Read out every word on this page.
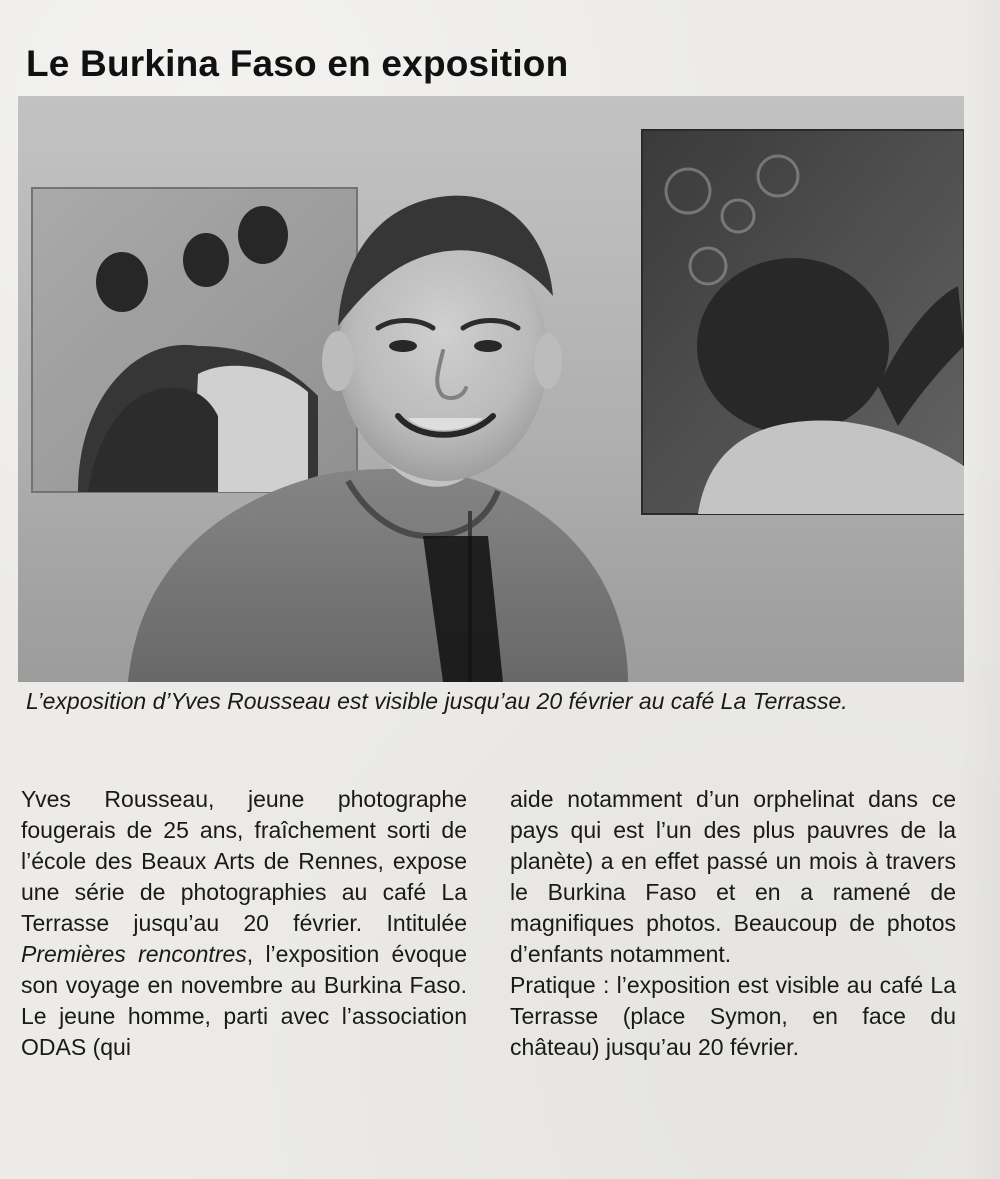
Le Burkina Faso en exposition

L’exposition d’Yves Rousseau est visible jusqu’au 20 février au café La Terrasse.

Yves Rousseau, jeune photographe fougerais de 25 ans, fraîchement sorti de l’école des Beaux Arts de Rennes, expose une série de photographies au café La Terrasse jusqu’au 20 février. Intitulée Premières rencontres, l’exposition évoque son voyage en novembre au Burkina Faso. Le jeune homme, parti avec l’association ODAS (qui

aide notamment d’un orphelinat dans ce pays qui est l’un des plus pauvres de la planète) a en effet passé un mois à travers le Burkina Faso et en a ramené de magnifiques photos. Beaucoup de photos d’enfants notamment.

Pratique : l’exposition est visible au café La Terrasse (place Symon, en face du château) jusqu’au 20 février.
